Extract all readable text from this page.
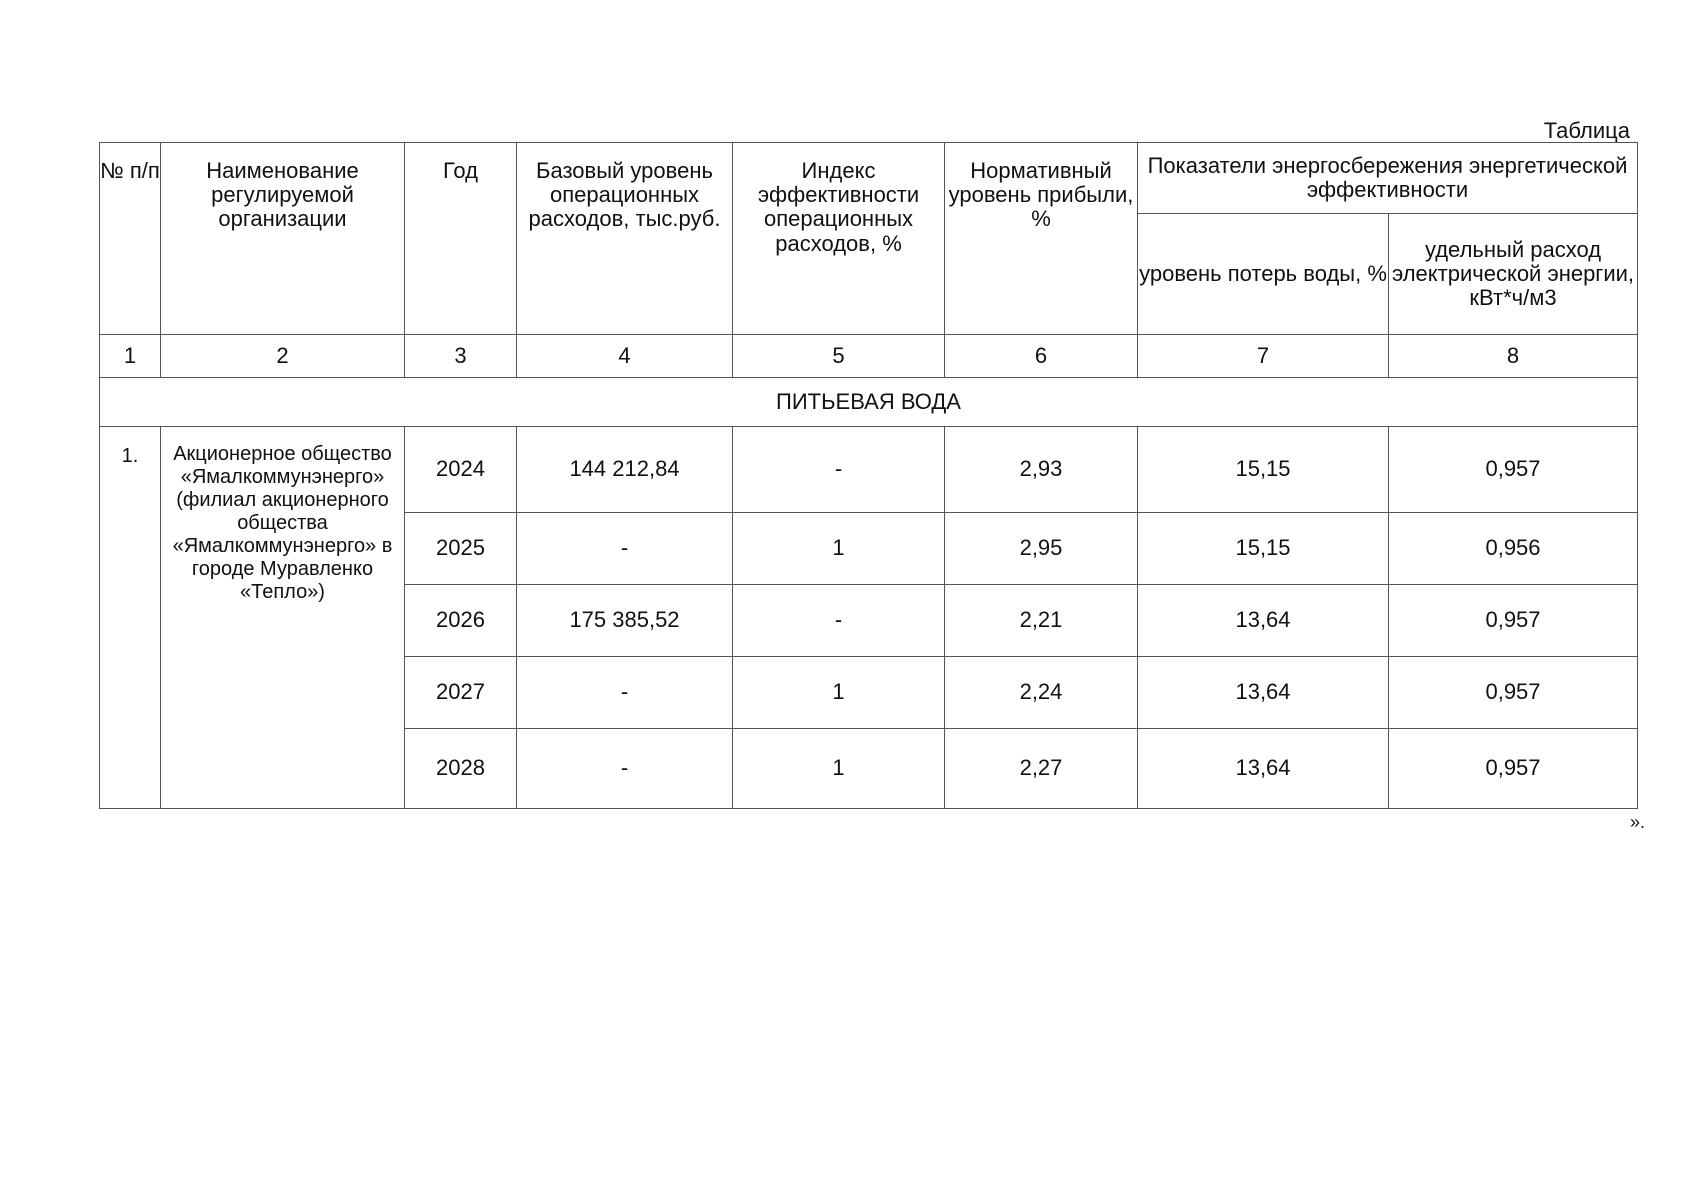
Таблица
№ п/п	Наименование регулируемой организации	Год	Базовый уровень операционных расходов, тыс.руб.	Индекс эффективности операционных расходов, %	Нормативный уровень прибыли, %	Показатели энергосбережения энергетической эффективности	
						уровень потерь воды, %	удельный расход электрической энергии, кВт*ч/м3
1	2	3	4	5	6	7	8
ПИТЬЕВАЯ ВОДА							
1.	Акционерное общество «Ямалкоммунэнерго» (филиал акционерного общества «Ямалкоммунэнерго» в городе Муравленко «Тепло»)	2024	144 212,84	-	2,93	15,15	0,957
		2025	-	1	2,95	15,15	0,956
		2026	175 385,52	-	2,21	13,64	0,957
		2027	-	1	2,24	13,64	0,957
		2028	-	1	2,27	13,64	0,957
».
